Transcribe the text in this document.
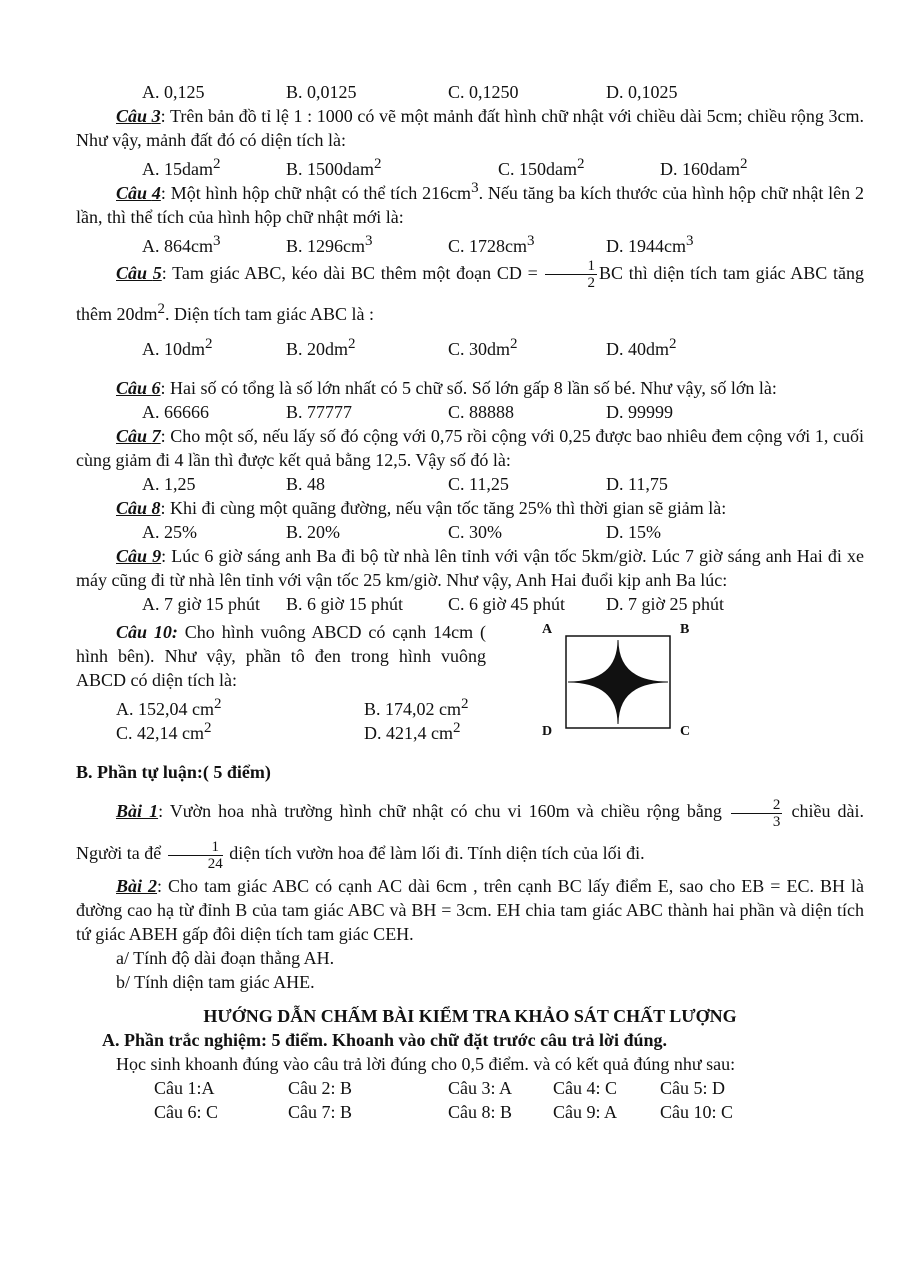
A. 0,125	B. 0,0125	C. 0,1250	D. 0,1025

Câu 3: Trên bản đồ tỉ lệ 1 : 1000 có vẽ một mảnh đất hình chữ nhật với chiều dài 5cm; chiều rộng 3cm. Như vậy, mảnh đất đó có diện tích là:

A. 15dam$^2$	B. 1500dam$^2$	C. 150dam$^2$	D. 160dam$^2$

Câu 4: Một hình hộp chữ nhật có thể tích $216cm^3$. Nếu tăng ba kích thước của hình hộp chữ nhật lên 2 lần, thì thể tích của hình hộp chữ nhật mới là:

A. $864cm^3$	B. $1296cm^3$	C. $1728cm^3$	D. $1944cm^3$

Câu 5: Tam giác ABC, kéo dài BC thêm một đoạn CD = $\frac{1}{2}$ BC thì diện tích tam giác ABC tăng thêm $20dm^2$. Diện tích tam giác ABC là :

A. $10dm^2$	B. $20dm^2$	C. $30dm^2$	D. $40dm^2$

Câu 6: Hai số có tổng là số lớn nhất có 5 chữ số. Số lớn gấp 8 lần số bé. Như vậy, số lớn là:

A. 66666	B. 77777	C. 88888	D. 99999

Câu 7: Cho một số, nếu lấy số đó cộng với 0,75 rồi cộng với 0,25 được bao nhiêu đem cộng với 1, cuối cùng giảm đi 4 lần thì được kết quả bằng 12,5. Vậy số đó là:

A. 1,25	B. 48	C. 11,25	D. 11,75

Câu 8: Khi đi cùng một quãng đường, nếu vận tốc tăng 25% thì thời gian sẽ giảm là:

A. 25%	B. 20%	C. 30%	D. 15%

Câu 9: Lúc 6 giờ sáng anh Ba đi bộ từ nhà lên tỉnh với vận tốc 5km/giờ. Lúc 7 giờ sáng anh Hai đi xe máy cũng đi từ nhà lên tỉnh với vận tốc 25 km/giờ. Như vậy, Anh Hai đuổi kịp anh Ba lúc:

A. 7 giờ 15 phút B. 6 giờ 15 phút C. 6 giờ 45 phút D. 7 giờ 25 phút

Câu 10: Cho hình vuông ABCD có cạnh 14cm ( hình bên). Như vậy, phần tô đen trong hình vuông ABCD có diện tích là:

A. 152,04 $cm^2$	B. 174,02 $cm^2$
C. 42,14 $cm^2$	D. 421,4 $cm^2$
A	B
D	C
B. Phần tự luận:( 5 điểm)

Bài 1: Vườn hoa nhà trường hình chữ nhật có chu vi 160m và chiều rộng bằng $\frac{2}{3}$ chiều dài. Người ta để $\frac{1}{24}$ diện tích vườn hoa để làm lối đi. Tính diện tích của lối đi.

Bài 2: Cho tam giác ABC có cạnh AC dài 6cm , trên cạnh BC lấy điểm E, sao cho EB = EC. BH là đường cao hạ từ đỉnh B của tam giác ABC và BH = 3cm. EH chia tam giác ABC thành hai phần và diện tích tứ giác ABEH gấp đôi diện tích tam giác CEH.

a/ Tính độ dài đoạn thẳng AH.
b/ Tính diện tam giác AHE.
HƯỚNG DẪN CHẤM BÀI KIỂM TRA KHẢO SÁT CHẤT LƯỢNG
A. Phần trắc nghiệm: 5 điểm. Khoanh vào chữ đặt trước câu trả lời đúng.
Học sinh khoanh đúng vào câu trả lời đúng cho 0,5 điểm. và có kết quả đúng như sau:
Câu 1:A	Câu 2: B	Câu 3: A Câu 4: C Câu 5: D
Câu 6: C	Câu 7: B	Câu 8: B Câu 9: A Câu 10: C
